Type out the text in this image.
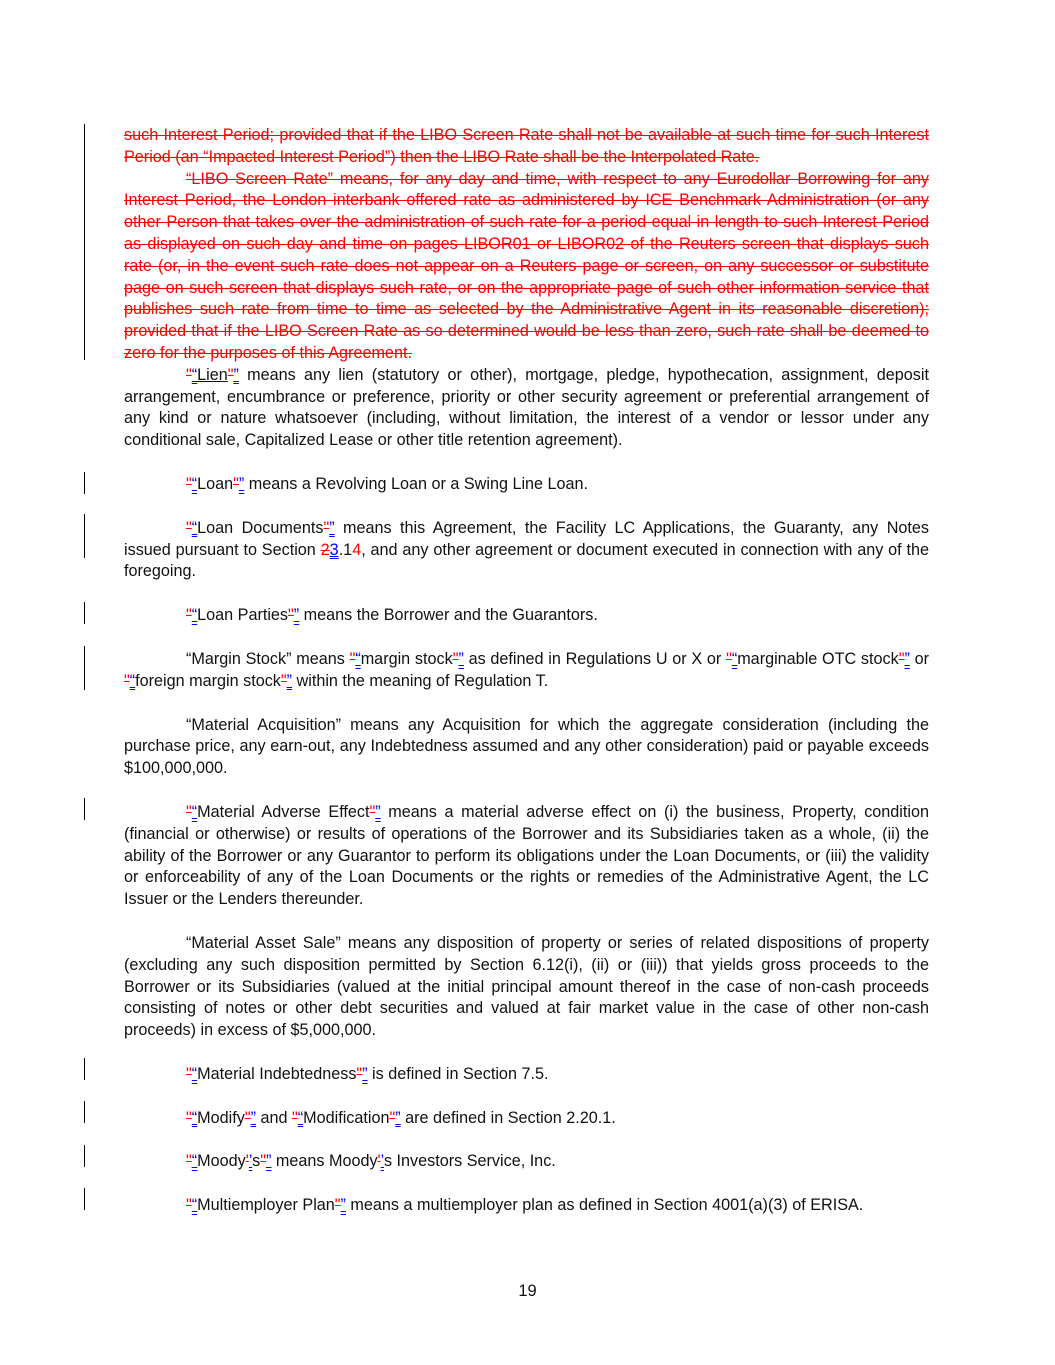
such Interest Period; provided that if the LIBO Screen Rate shall not be available at such time for such Interest Period (an “Impacted Interest Period”) then the LIBO Rate shall be the Interpolated Rate.

“LIBO Screen Rate” means, for any day and time, with respect to any Eurodollar Borrowing for any Interest Period, the London interbank offered rate as administered by ICE Benchmark Administration (or any other Person that takes over the administration of such rate for a period equal in length to such Interest Period as displayed on such day and time on pages LIBOR01 or LIBOR02 of the Reuters screen that displays such rate (or, in the event such rate does not appear on a Reuters page or screen, on any successor or substitute page on such screen that displays such rate, or on the appropriate page of such other information service that publishes such rate from time to time as selected by the Administrative Agent in its reasonable discretion); provided that if the LIBO Screen Rate as so determined would be less than zero, such rate shall be deemed to zero for the purposes of this Agreement.

"“Lien"” means any lien (statutory or other), mortgage, pledge, hypothecation, assignment, deposit arrangement, encumbrance or preference, priority or other security agreement or preferential arrangement of any kind or nature whatsoever (including, without limitation, the interest of a vendor or lessor under any conditional sale, Capitalized Lease or other title retention agreement).

"“Loan"” means a Revolving Loan or a Swing Line Loan.

"“Loan Documents"” means this Agreement, the Facility LC Applications, the Guaranty, any Notes issued pursuant to Section 23.14, and any other agreement or document executed in connection with any of the foregoing.

"“Loan Parties"” means the Borrower and the Guarantors.

“Margin Stock” means "“margin stock"” as defined in Regulations U or X or "“marginable OTC stock"” or "“foreign margin stock"” within the meaning of Regulation T.

“Material Acquisition” means any Acquisition for which the aggregate consideration (including the purchase price, any earn-out, any Indebtedness assumed and any other consideration) paid or payable exceeds $100,000,000.

"“Material Adverse Effect"” means a material adverse effect on (i) the business, Property, condition (financial or otherwise) or results of operations of the Borrower and its Subsidiaries taken as a whole, (ii) the ability of the Borrower or any Guarantor to perform its obligations under the Loan Documents, or (iii) the validity or enforceability of any of the Loan Documents or the rights or remedies of the Administrative Agent, the LC Issuer or the Lenders thereunder.

“Material Asset Sale” means any disposition of property or series of related dispositions of property (excluding any such disposition permitted by Section 6.12(i), (ii) or (iii)) that yields gross proceeds to the Borrower or its Subsidiaries (valued at the initial principal amount thereof in the case of non-cash proceeds consisting of notes or other debt securities and valued at fair market value in the case of other non-cash proceeds) in excess of $5,000,000.

"“Material Indebtedness"” is defined in Section 7.5.

"“Modify"” and "“Modification"” are defined in Section 2.20.1.

"“Moody'’s"” means Moody'’s Investors Service, Inc.

"“Multiemployer Plan"” means a multiemployer plan as defined in Section 4001(a)(3) of ERISA.

19
